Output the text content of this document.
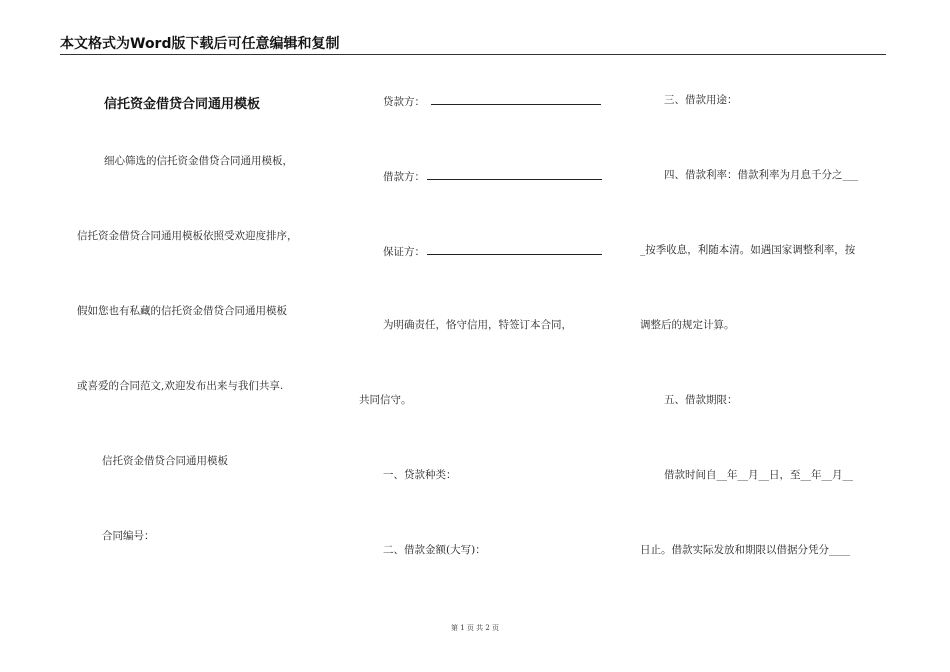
本文格式为Word版下载后可任意编辑和复制
信托资金借贷合同通用模板
细心筛选的信托资金借贷合同通用模板，
信托资金借贷合同通用模板依照受欢迎度排序，
假如您也有私藏的信托资金借贷合同通用模板
或喜爱的合同范文,欢迎发布出来与我们共享.
信托资金借贷合同通用模板
合同编号：
贷款方：
借款方：
保证方：
为明确责任，恪守信用，特签订本合同，
共同信守。
一、贷款种类：
二、借款金额(大写)：
三、借款用途：
四、借款利率：借款利率为月息千分之___
_按季收息，利随本清。如遇国家调整利率，按
调整后的规定计算。
五、借款期限：
借款时间自__年__月__日，至__年__月__
日止。借款实际发放和期限以借据分凭分____
第 1 页 共 2 页
